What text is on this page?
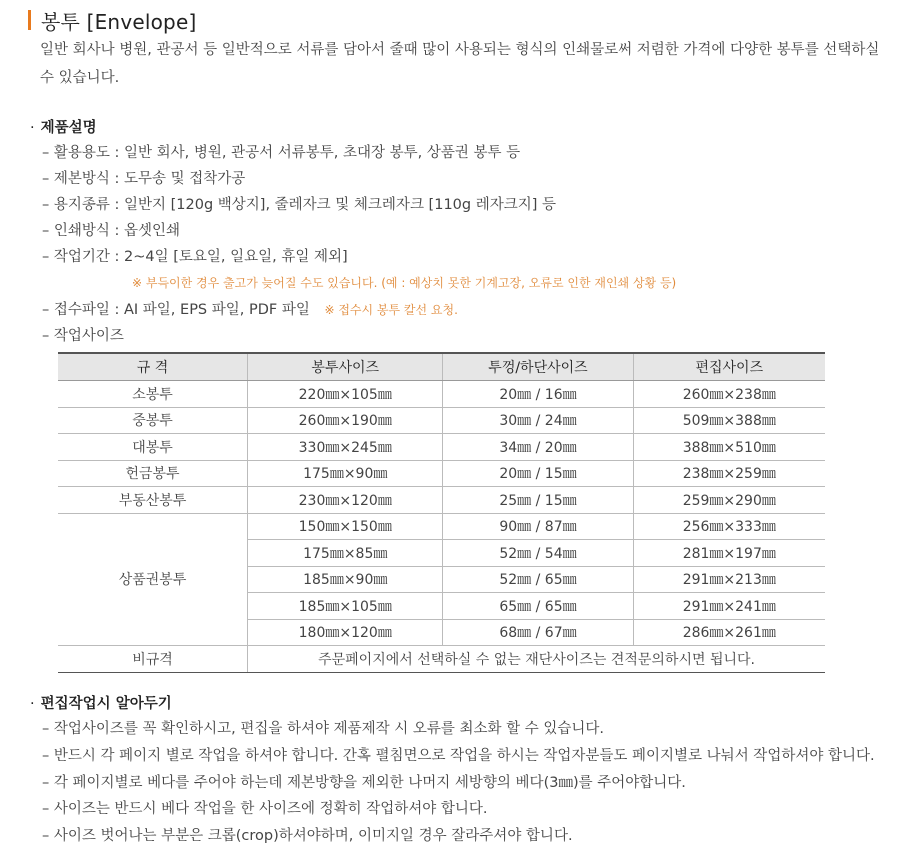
봉투 [Envelope]
일반 회사나 병원, 관공서 등 일반적으로 서류를 담아서 줄때 많이 사용되는 형식의 인쇄물로써 저렴한 가격에 다양한 봉투를 선택하실 수 있습니다.
· 제품설명
– 활용용도 : 일반 회사, 병원, 관공서 서류봉투, 초대장 봉투, 상품권 봉투 등
– 제본방식 : 도무송 및 접착가공
– 용지종류 : 일반지 [120g 백상지], 줄레자크 및 체크레자크 [110g 레자크지] 등
– 인쇄방식 : 옵셋인쇄
– 작업기간 : 2~4일 [토요일, 일요일, 휴일 제외]
※ 부득이한 경우 출고가 늦어질 수도 있습니다. (예 : 예상치 못한 기계고장, 오류로 인한 재인쇄 상황 등)
– 접수파일 : AI 파일, EPS 파일, PDF 파일 ※ 접수시 봉투 칼선 요청.
– 작업사이즈
규 격	봉투사이즈	투껑/하단사이즈	편집사이즈
소봉투	220㎜×105㎜	20㎜ / 16㎜	260㎜×238㎜
중봉투	260㎜×190㎜	30㎜ / 24㎜	509㎜×388㎜
대봉투	330㎜×245㎜	34㎜ / 20㎜	388㎜×510㎜
헌금봉투	175㎜×90㎜	20㎜ / 15㎜	238㎜×259㎜
부동산봉투	230㎜×120㎜	25㎜ / 15㎜	259㎜×290㎜
상품권봉투	150㎜×150㎜	90㎜ / 87㎜	256㎜×333㎜
	175㎜×85㎜	52㎜ / 54㎜	281㎜×197㎜
	185㎜×90㎜	52㎜ / 65㎜	291㎜×213㎜
	185㎜×105㎜	65㎜ / 65㎜	291㎜×241㎜
	180㎜×120㎜	68㎜ / 67㎜	286㎜×261㎜
비규격	주문페이지에서 선택하실 수 없는 재단사이즈는 견적문의하시면 됩니다.		
· 편집작업시 알아두기
– 작업사이즈를 꼭 확인하시고, 편집을 하셔야 제품제작 시 오류를 최소화 할 수 있습니다.
– 반드시 각 페이지 별로 작업을 하셔야 합니다. 간혹 펼침면으로 작업을 하시는 작업자분들도 페이지별로 나눠서 작업하셔야 합니다.
– 각 페이지별로 베다를 주어야 하는데 제본방향을 제외한 나머지 세방향의 베다(3㎜)를 주어야합니다.
– 사이즈는 반드시 베다 작업을 한 사이즈에 정확히 작업하셔야 합니다.
– 사이즈 벗어나는 부분은 크롭(crop)하셔야하며, 이미지일 경우 잘라주셔야 합니다.
